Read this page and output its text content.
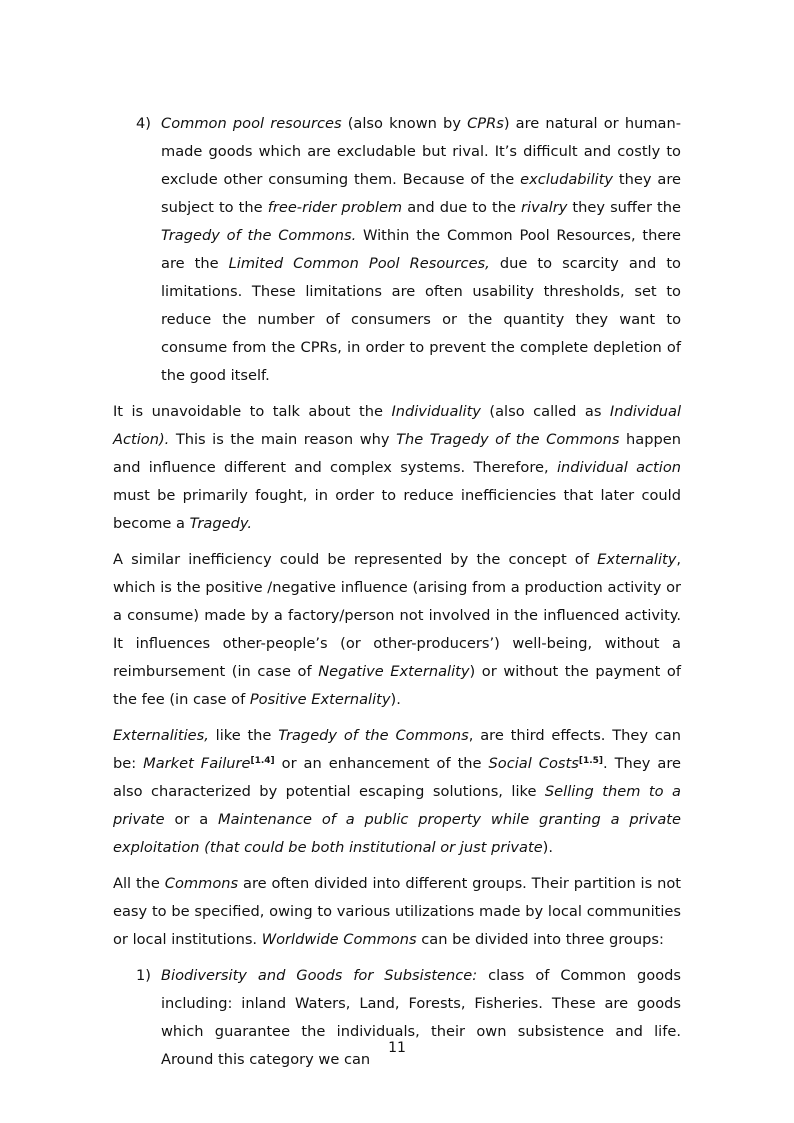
4) Common pool resources (also known by CPRs) are natural or human-made goods which are excludable but rival. It’s difficult and costly to exclude other consuming them. Because of the excludability they are subject to the free-rider problem and due to the rivalry they suffer the Tragedy of the Commons. Within the Common Pool Resources, there are the Limited Common Pool Resources, due to scarcity and to limitations. These limitations are often usability thresholds, set to reduce the number of consumers or the quantity they want to consume from the CPRs, in order to prevent the complete depletion of the good itself.

It is unavoidable to talk about the Individuality (also called as Individual Action). This is the main reason why The Tragedy of the Commons happen and influence different and complex systems. Therefore, individual action must be primarily fought, in order to reduce inefficiencies that later could become a Tragedy.

A similar inefficiency could be represented by the concept of Externality, which is the positive /negative influence (arising from a production activity or a consume) made by a factory/person not involved in the influenced activity. It influences other-people’s (or other-producers’) well-being, without a reimbursement (in case of Negative Externality) or without the payment of the fee (in case of Positive Externality).

Externalities, like the Tragedy of the Commons, are third effects. They can be: Market Failure[1.4] or an enhancement of the Social Costs[1.5]. They are also characterized by potential escaping solutions, like Selling them to a private or a Maintenance of a public property while granting a private exploitation (that could be both institutional or just private).

All the Commons are often divided into different groups. Their partition is not easy to be specified, owing to various utilizations made by local communities or local institutions. Worldwide Commons can be divided into three groups:

1) Biodiversity and Goods for Subsistence: class of Common goods including: inland Waters, Land, Forests, Fisheries. These are goods which guarantee the individuals, their own subsistence and life. Around this category we can
11
